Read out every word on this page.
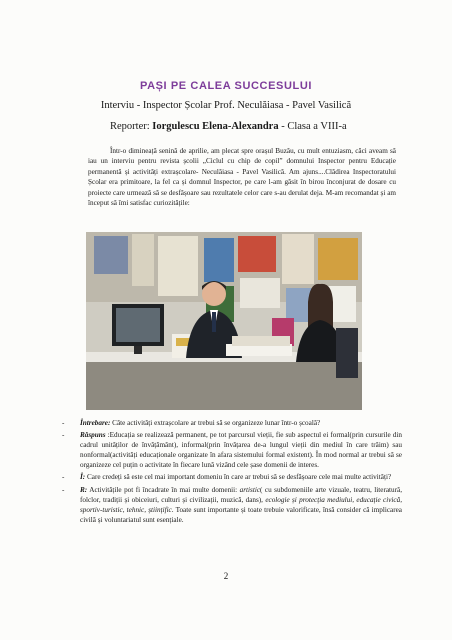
PAȘI PE CALEA SUCCESULUI
Interviu - Inspector Școlar Prof. Neculăiasa - Pavel Vasilică
Reporter: Iorgulescu Elena-Alexandra - Clasa a VIII-a
Într-o dimineață senină de aprilie, am plecat spre orașul Buzău, cu mult entuziasm, căci aveam să iau un interviu pentru revista școlii „Ciclul cu chip de copil” domnului Inspector pentru Educație permanentă și activități extrașcolare- Neculăiasa - Pavel Vasilică. Am ajuns....Clădirea Inspectoratului Școlar era primitoare, la fel ca și domnul Inspector, pe care l-am găsit în birou înconjurat de dosare cu proiecte care urmează să se desfășoare sau rezultatele celor care s-au derulat deja. M-am recomandat și am început să îmi satisfac curiozitățile:
- Întrebare: Câte activități extrașcolare ar trebui să se organizeze lunar într-o școală?
- Răspuns :Educația se realizează permanent, pe tot parcursul vieții, fie sub aspectul ei formal(prin cursurile din cadrul unităților de învățământ), informal(prin învățarea de-a lungul vieții din mediul în care trăim) sau nonformal(activități educaționale organizate în afara sistemului formal existent). În mod normal ar trebui să se organizeze cel puțin o activitate în fiecare lună vizând cele șase domenii de interes.
- Î: Care credeți să este cel mai important domeniu în care ar trebui să se desfășoare cele mai multe activități?
- R: Activitățile pot fi încadrate în mai multe domenii: artistic( cu subdomeniile arte vizuale, teatru, literatură, folclor, tradiții și obiceiuri, culturi și civilizații, muzică, dans), ecologie și protecția mediului, educație civică, sportiv-turistic, tehnic, științific. Toate sunt importante și toate trebuie valorificate, însă consider că implicarea civilă și voluntariatul sunt esențiale.
2
